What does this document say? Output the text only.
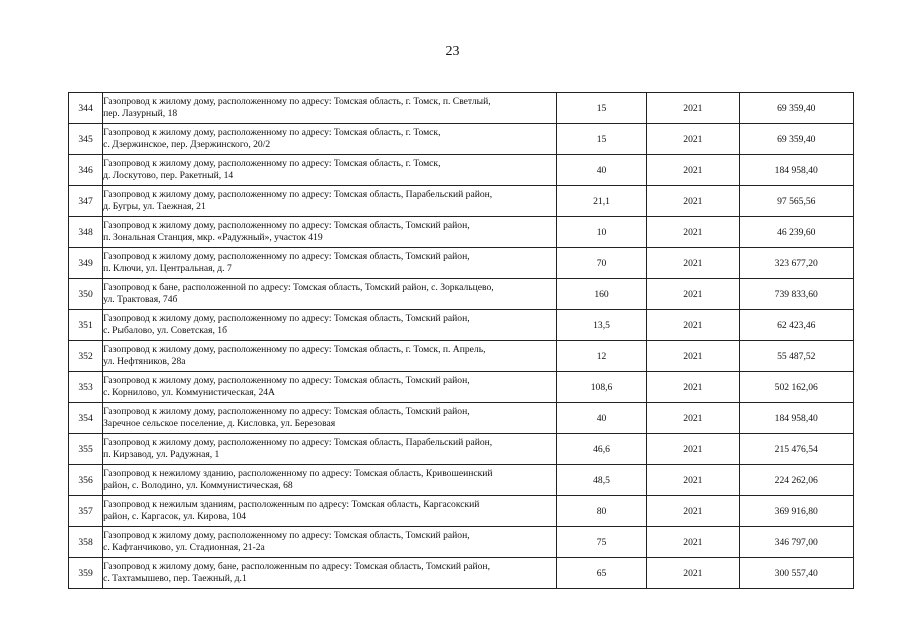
23
344	Газопровод к жилому дому, расположенному по адресу: Томская область, г. Томск, п. Светлый,
пер. Лазурный, 18	15	2021	69 359,40
345	Газопровод к жилому дому, расположенному по адресу: Томская область, г. Томск,
с. Дзержинское, пер. Дзержинского, 20/2	15	2021	69 359,40
346	Газопровод к жилому дому, расположенному по адресу: Томская область, г. Томск,
д. Лоскутово, пер. Ракетный, 14	40	2021	184 958,40
347	Газопровод к жилому дому, расположенному по адресу: Томская область, Парабельский район,
д. Бугры, ул. Таежная, 21	21,1	2021	97 565,56
348	Газопровод к жилому дому, расположенному по адресу: Томская область, Томский район,
п. Зональная Станция, мкр. «Радужный», участок 419	10	2021	46 239,60
349	Газопровод к жилому дому, расположенному по адресу: Томская область, Томский район,
п. Ключи, ул. Центральная, д. 7	70	2021	323 677,20
350	Газопровод к бане, расположенной по адресу: Томская область, Томский район, с. Зоркальцево,
ул. Трактовая, 74б	160	2021	739 833,60
351	Газопровод к жилому дому, расположенному по адресу: Томская область, Томский район,
с. Рыбалово, ул. Советская, 1б	13,5	2021	62 423,46
352	Газопровод к жилому дому, расположенному по адресу: Томская область, г. Томск, п. Апрель,
ул. Нефтяников, 28а	12	2021	55 487,52
353	Газопровод к жилому дому, расположенному по адресу: Томская область, Томский район,
с. Корнилово, ул. Коммунистическая, 24А	108,6	2021	502 162,06
354	Газопровод к жилому дому, расположенному по адресу: Томская область, Томский район,
Заречное сельское поселение, д. Кисловка, ул. Березовая	40	2021	184 958,40
355	Газопровод к жилому дому, расположенному по адресу: Томская область, Парабельский район,
п. Кирзавод, ул. Радужная, 1	46,6	2021	215 476,54
356	Газопровод к нежилому зданию, расположенному по адресу: Томская область, Кривошеинский
район, с. Володино, ул. Коммунистическая, 68	48,5	2021	224 262,06
357	Газопровод к нежилым зданиям, расположенным по адресу: Томская область, Каргасокский
район, с. Каргасок, ул. Кирова, 104	80	2021	369 916,80
358	Газопровод к жилому дому, расположенному по адресу: Томская область, Томский район,
с. Кафтанчиково, ул. Стадионная, 21-2а	75	2021	346 797,00
359	Газопровод к жилому дому, бане, расположенным по адресу: Томская область, Томский район,
с. Тахтамышево, пер. Таежный, д.1	65	2021	300 557,40
